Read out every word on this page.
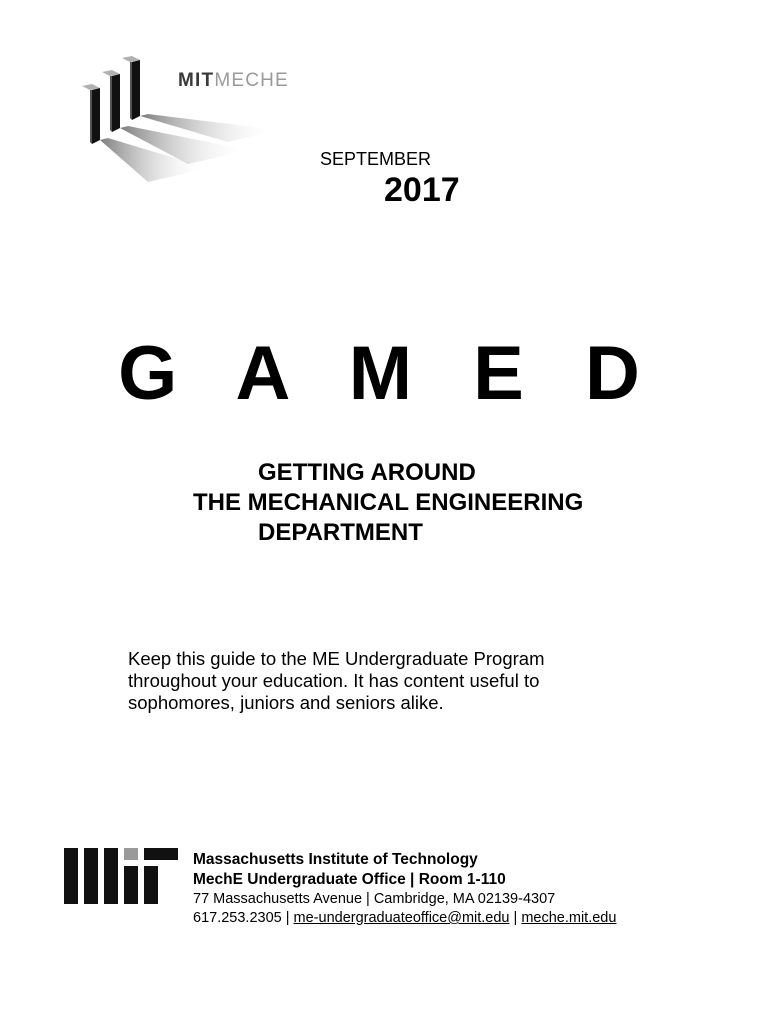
MITMECHE
SEPTEMBER
2017
G A M E D
GETTING AROUND
THE MECHANICAL ENGINEERING
DEPARTMENT
Keep this guide to the ME Undergraduate Program
throughout your education. It has content useful to
sophomores, juniors and seniors alike.
Massachusetts Institute of Technology
MechE Undergraduate Office | Room 1-110
77 Massachusetts Avenue | Cambridge, MA 02139-4307
617.253.2305 | me-undergraduateoffice@mit.edu | meche.mit.edu
